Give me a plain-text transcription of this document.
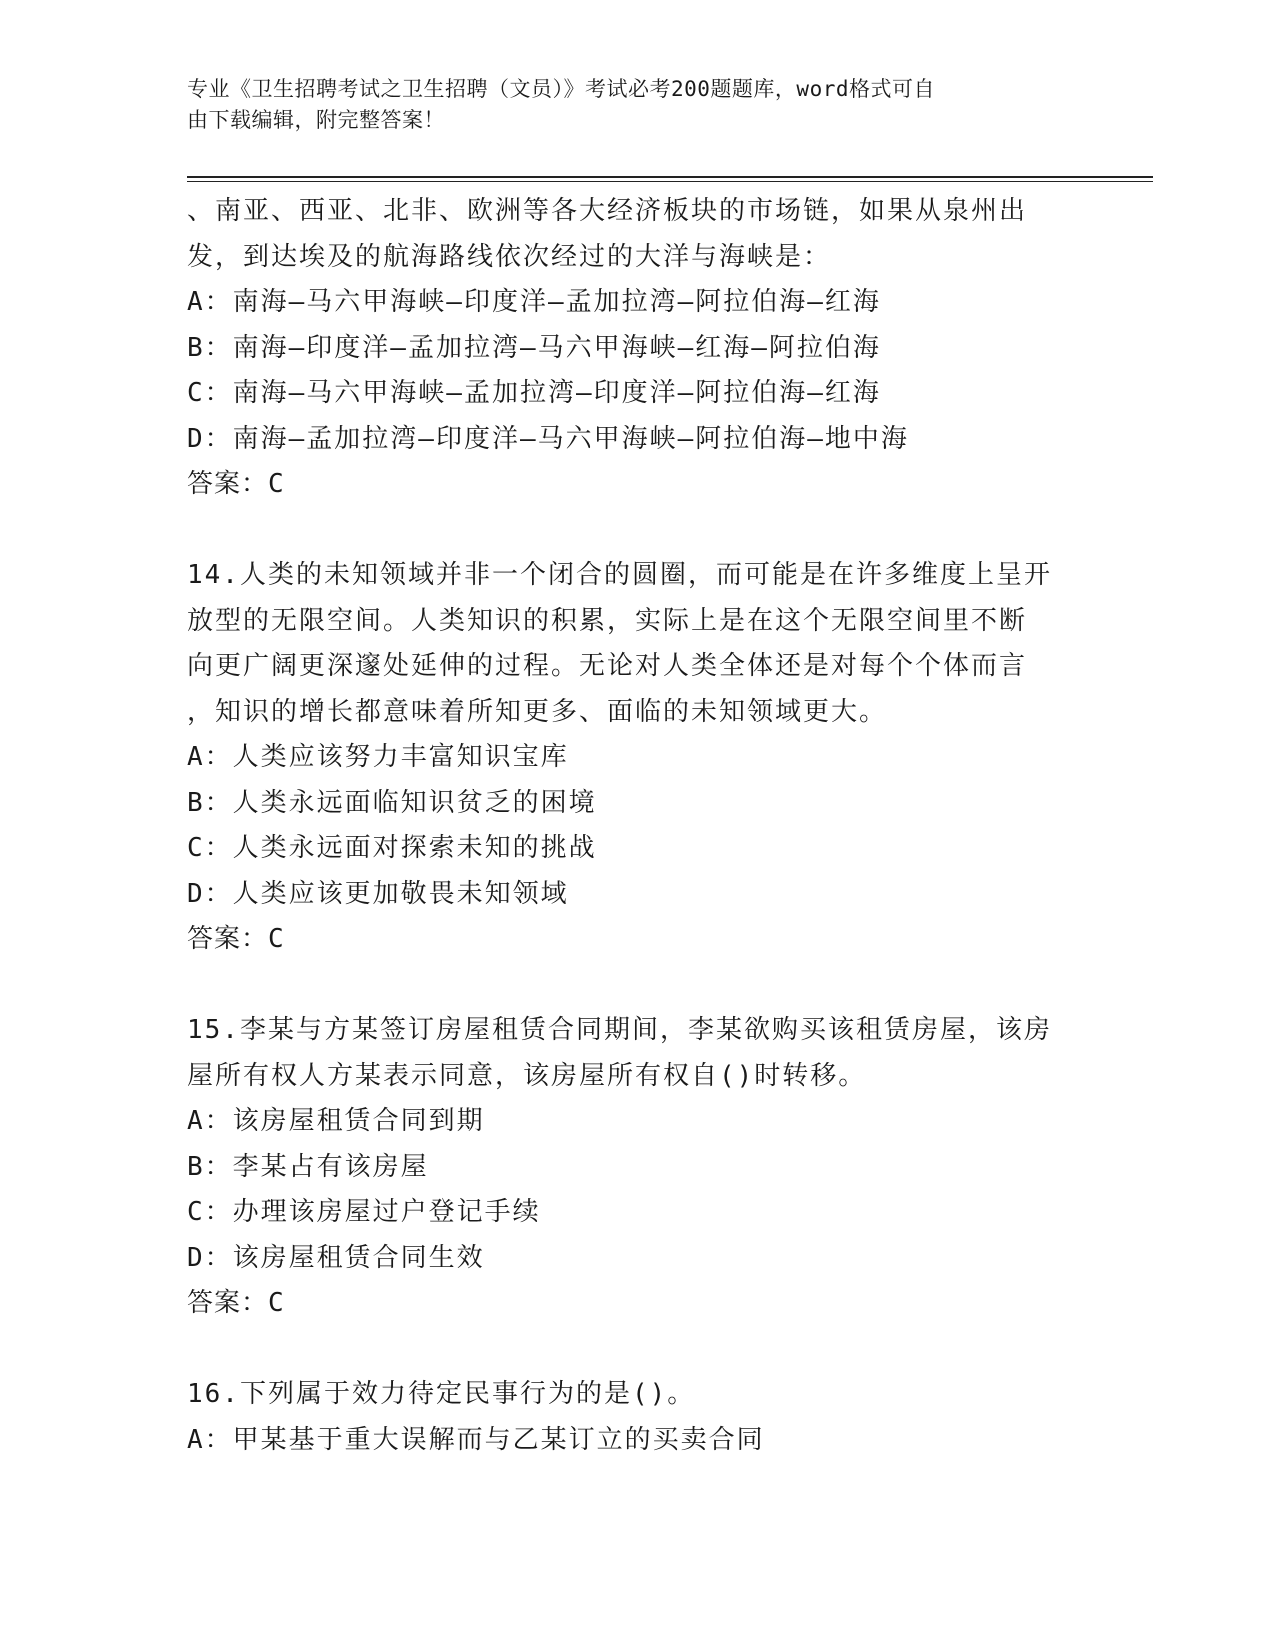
专业《卫生招聘考试之卫生招聘（文员）》考试必考200题题库，word格式可自
由下载编辑，附完整答案！
、南亚、西亚、北非、欧洲等各大经济板块的市场链，如果从泉州出
发，到达埃及的航海路线依次经过的大洋与海峡是：
A：南海—马六甲海峡—印度洋—孟加拉湾—阿拉伯海—红海
B：南海—印度洋—孟加拉湾—马六甲海峡—红海—阿拉伯海
C：南海—马六甲海峡—孟加拉湾—印度洋—阿拉伯海—红海
D：南海—孟加拉湾—印度洋—马六甲海峡—阿拉伯海—地中海
答案：C
14.人类的未知领域并非一个闭合的圆圈，而可能是在许多维度上呈开
放型的无限空间。人类知识的积累，实际上是在这个无限空间里不断
向更广阔更深邃处延伸的过程。无论对人类全体还是对每个个体而言
，知识的增长都意味着所知更多、面临的未知领域更大。
A：人类应该努力丰富知识宝库
B：人类永远面临知识贫乏的困境
C：人类永远面对探索未知的挑战
D：人类应该更加敬畏未知领域
答案：C
15.李某与方某签订房屋租赁合同期间，李某欲购买该租赁房屋，该房
屋所有权人方某表示同意，该房屋所有权自()时转移。
A：该房屋租赁合同到期
B：李某占有该房屋
C：办理该房屋过户登记手续
D：该房屋租赁合同生效
答案：C
16.下列属于效力待定民事行为的是()。
A：甲某基于重大误解而与乙某订立的买卖合同
